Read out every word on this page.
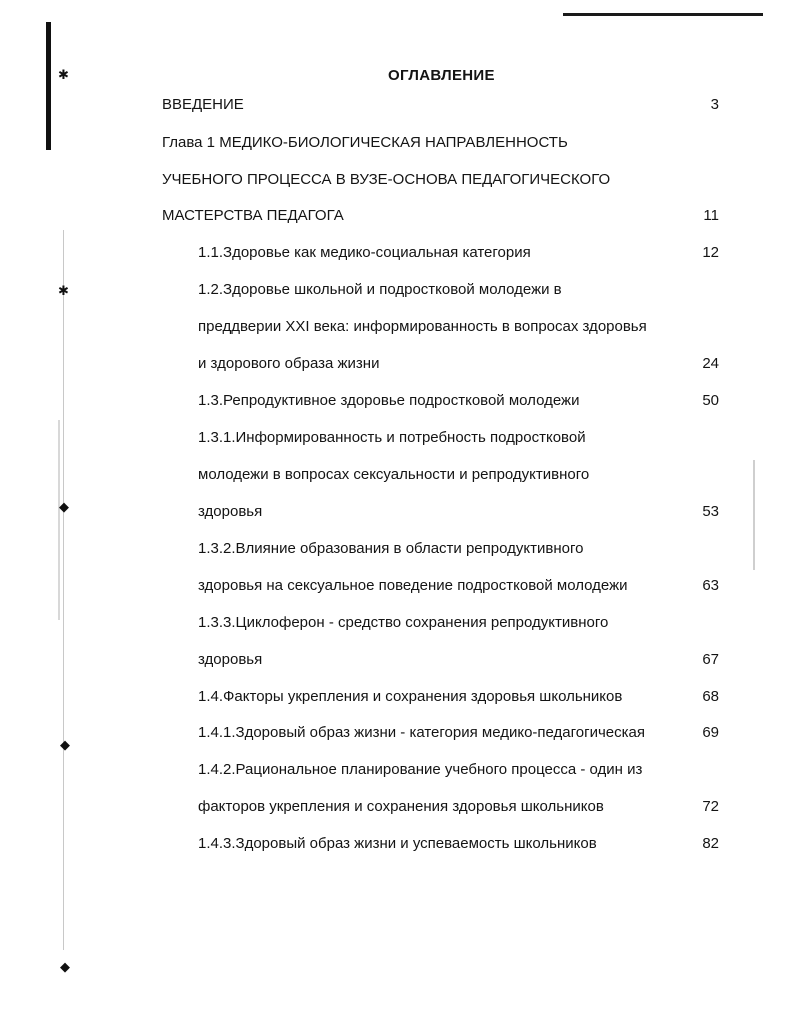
✱
✱
◆
◆
◆
ОГЛАВЛЕНИЕ
ВВЕДЕНИЕ	3
Глава 1 МЕДИКО-БИОЛОГИЧЕСКАЯ НАПРАВЛЕННОСТЬ
УЧЕБНОГО ПРОЦЕССА В ВУЗЕ-ОСНОВА ПЕДАГОГИЧЕСКОГО
МАСТЕРСТВА ПЕДАГОГА	11
1.1.Здоровье как медико-социальная категория	12
1.2.Здоровье школьной и подростковой молодежи в
преддверии XXI века: информированность в вопросах здоровья
и здорового образа жизни	24
1.3.Репродуктивное здоровье подростковой молодежи	50
1.3.1.Информированность и потребность подростковой
молодежи в вопросах сексуальности и репродуктивного
здоровья	53
1.3.2.Влияние образования в области репродуктивного
здоровья на сексуальное поведение подростковой молодежи	63
1.3.3.Циклоферон - средство сохранения репродуктивного
здоровья	67
1.4.Факторы укрепления и сохранения здоровья школьников	68
1.4.1.Здоровый образ жизни - категория медико-педагогическая	69
1.4.2.Рациональное планирование учебного процесса - один из
факторов укрепления и сохранения здоровья школьников	72
1.4.3.Здоровый образ жизни и успеваемость школьников	82
